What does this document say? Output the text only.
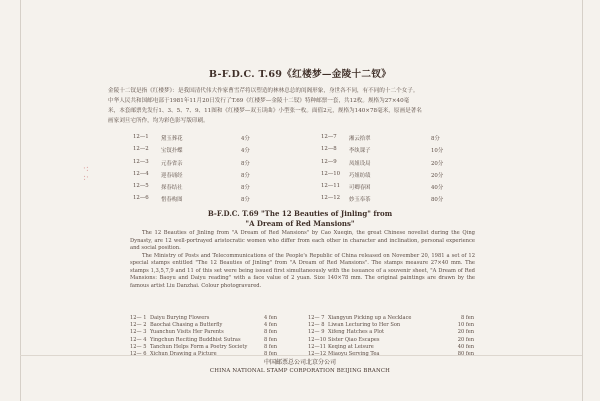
·:
:·
B-F.D.C. T.69《红楼梦—金陵十二钗》
金陵十二钗是指《红楼梦》：是我国清代伟大作家曹雪芹将以塑造的林林总总的闺阁形象，身世各不同，有不同的十二个女子。
中华人民共和国邮电部于1981年11月20日发行了T.69《红楼梦—金陵十二钗》特种邮票一套，共12枚。规格为27×40毫
米，本套邮票先发行1、3、5、7、9、11图和《红楼梦—双玉读曲》小型张一枚。面值2元，规格为140×78毫米，原画是著名
画家刘旦宅所作，均为彩色影写版印刷。
12—1 黛玉葬花	4分
12—2 宝钗扑蝶	4分
12—3 元春省亲	8分
12—4 迎春诵经	8分
12—5 探春结社	8分
12—6 惜春构图	8分
12—7 湘云拾翠	8分
12—8 李纨课子	10分
12—9 凤姐设局	20分
12—10 巧姐纺绩	20分
12—11 可卿春困	40分
12—12 妙玉奉茶	80分
B-F.D.C. T.69 "The 12 Beauties of Jinling" from
"A Dream of Red Mansions"

The 12 Beauties of Jinling from "A Dream of Red Mansions" by Cao Xueqin, the great Chinese novelist during the Qing Dynasty, are 12 well-portrayed aristocratic women who differ from each other in character and inclination, personal experience and social position.

The Ministry of Posts and Telecommunications of the People's Republic of China released on November 20, 1981 a set of 12 special stamps entitled "The 12 Beauties of Jinling" from "A Dream of Red Mansions". The stamps measure 27×40 mm. The stamps 1,3,5,7,9 and 11 of this set were being issued first simultaneously with the issuance of a souvenir sheet, "A Dream of Red Mansions: Baoyu and Daiyu reading" with a face value of 2 yuan. Size 140×78 mm. The original paintings are drawn by the famous artist Liu Danzhai. Colour photogravured.

12— 1 Daiyu Burying Flowers	4 fen
12— 2 Baochai Chasing a Butterfly	4 fen
12— 3 Yuanchun Visits Her Parents	8 fen
12— 4 Yingchun Reciting Buddhist Sutras	8 fen
12— 5 Tanchun Helps Form a Poetry Society	8 fen
12— 6 Xichun Drawing a Picture	8 fen
12— 7 Xiangyun Picking up a Necklace	8 fen
12— 8 Liwan Lecturing to Her Son	10 fen
12— 9 Xifeng Hatches a Plot	20 fen
12—10 Sister Qiao Escapes	20 fen
12—11 Keqing at Leisure	40 fen
12—12 Miaoyu Serving Tea	80 fen
中国邮票总公司北京分公司
CHINA NATIONAL STAMP CORPORATION BEIJING BRANCH
